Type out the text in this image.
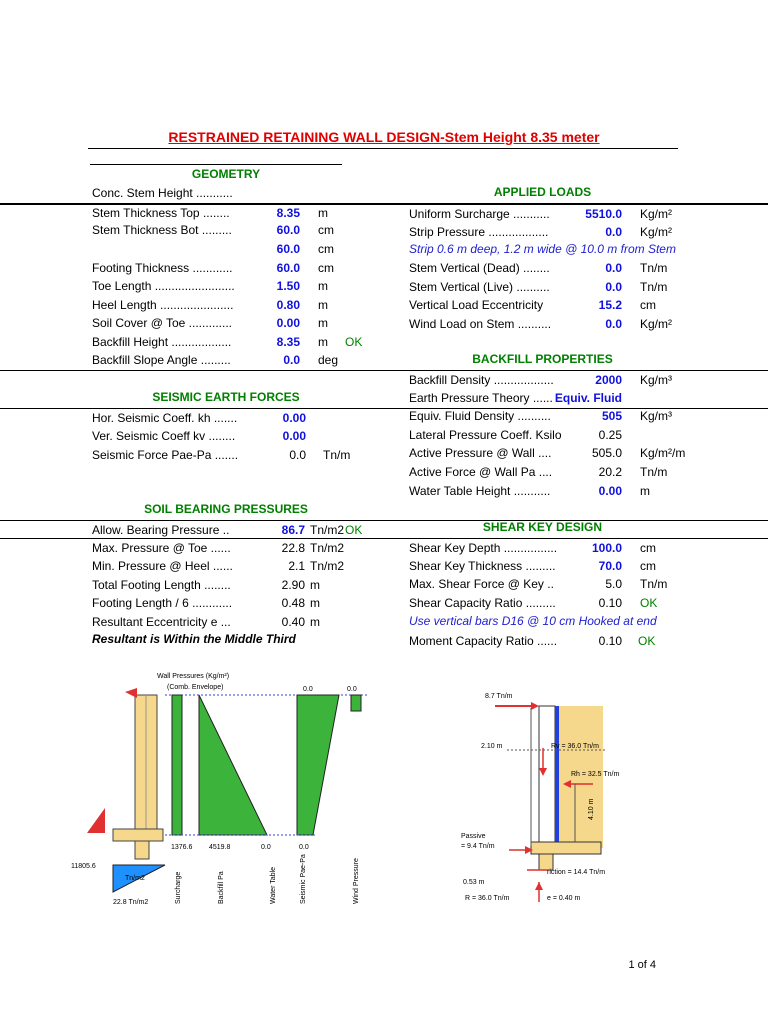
RESTRAINED RETAINING WALL DESIGN-Stem Height 8.35 meter
GEOMETRY
Conc. Stem Height ...........
Stem Thickness Top ........	8.35 m
Stem Thickness Bot .........	60.0 cm
60.0 cm
Footing Thickness ............	60.0 cm
Toe Length ........................	1.50 m
Heel Length ......................	0.80 m
Soil Cover @ Toe .............	0.00 m
Backfill Height ..................	8.35 m OK
Backfill Slope Angle .........	0.0 deg
SEISMIC EARTH FORCES
Hor. Seismic Coeff. kh .......	0.00
Ver. Seismic Coeff kv ........	0.00
Seismic Force Pae-Pa .......	0.0 Tn/m
SOIL BEARING PRESSURES
Allow. Bearing Pressure ..	86.7 Tn/m2 OK
Max. Pressure @ Toe ......	22.8 Tn/m2
Min. Pressure @ Heel ......	2.1 Tn/m2
Total Footing Length ........	2.90 m
Footing Length / 6 ............	0.48 m
Resultant Eccentricity e ...	0.40 m
Resultant is Within the Middle Third
APPLIED LOADS
Uniform Surcharge ...........	5510.0 Kg/m²
Strip Pressure ..................	0.0 Kg/m²
Stem Vertical (Dead) ........	0.0 Tn/m
Stem Vertical (Live) ..........	0.0 Tn/m
Vertical Load Eccentricity	15.2 cm
Wind Load on Stem ..........	0.0 Kg/m²
Strip 0.6 m deep, 1.2 m wide @ 10.0 m from Stem
BACKFILL PROPERTIES
Backfill Density ..................	2000 Kg/m³
Earth Pressure Theory ...... Equiv. Fluid
Equiv. Fluid Density ..........	505 Kg/m³
Lateral Pressure Coeff. Ksilo	0.25
Active Pressure @ Wall ....	505.0 Kg/m²/m
Active Force @ Wall Pa ....	20.2 Tn/m
Water Table Height ...........	0.00 m
SHEAR KEY DESIGN
Shear Key Depth ................	100.0 cm
Shear Key Thickness .........	70.0 cm
Max. Shear Force @ Key ..	5.0 Tn/m
Shear Capacity Ratio .........	0.10 OK
Use vertical bars D16 @ 10 cm Hooked at end
Moment Capacity Ratio ......	0.10 OK
Wall Pressures (Kg/m²)
(Comb. Envelope)	0.0	0.0
1376.6 4519.8	0.0	0.0
11805.6
Tn/m2
22.8 Tn/m2	Surcharge	Backfill Pa	Water Table	Seismic Pae-Pa	Wind Pressure
8.7 Tn/m
2.10 m	Rv = 36.0 Tn/m
Rh = 32.5 Tn/m
4.10 m
Passive
= 9.4 Tn/m
riction = 14.4 Tn/m
0.53 m
R = 36.0 Tn/m	e = 0.40 m
1 of 4
